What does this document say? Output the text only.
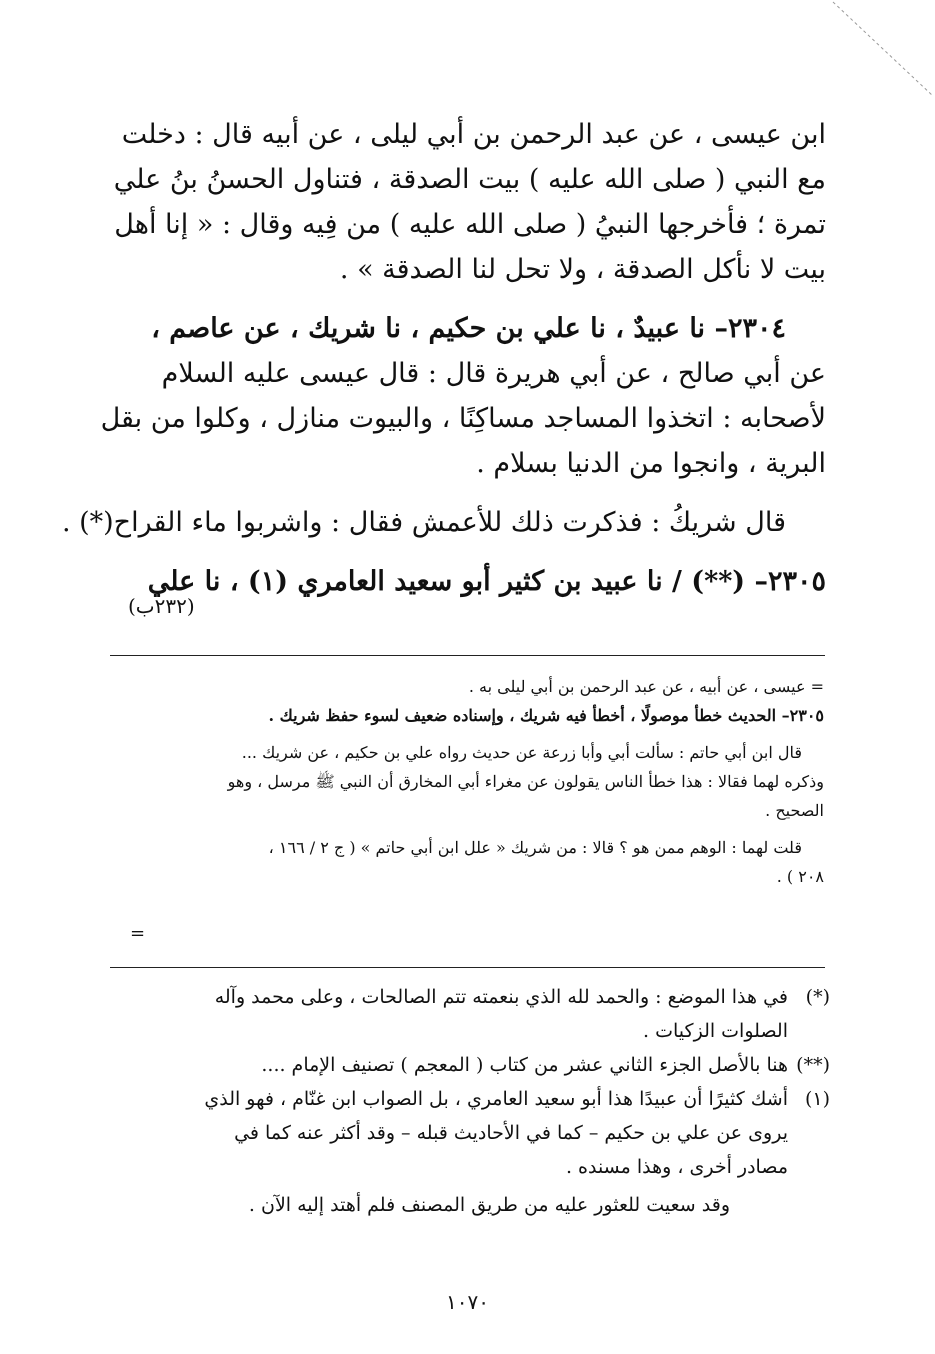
ابن عيسى ، عن عبد الرحمن بن أبي ليلى ، عن أبيه قال : دخلت
مع النبي ( صلى الله عليه ) بيت الصدقة ، فتناول الحسنُ بنُ علي
تمرة ؛ فأخرجها النبيُ ( صلى الله عليه ) من فِيه وقال : « إنا أهل
بيت لا نأكل الصدقة ، ولا تحل لنا الصدقة » .

٢٣٠٤– نا عبيدٌ ، نا علي بن حكيم ، نا شريك ، عن عاصم ،
عن أبي صالح ، عن أبي هريرة قال : قال عيسى عليه السلام
لأصحابه : اتخذوا المساجد مساكِنًا ، والبيوت منازل ، وكلوا من بقل
البرية ، وانجوا من الدنيا بسلام .

قال شريكُ : فذكرت ذلك للأعمش فقال : واشربوا ماء القراح(*) .

٢٣٠٥– (**) / نا عبيد بن كثير أبو سعيد العامري (١) ، نا علي

(٢٣٢ب)
= عيسى ، عن أبيه ، عن عبد الرحمن بن أبي ليلى به .
٢٣٠٥– الحديث خطأ موصولًا ، أخطأ فيه شريك ، وإسناده ضعيف لسوء حفظ شريك .
قال ابن أبي حاتم : سألت أبي وأبا زرعة عن حديث رواه علي بن حكيم ، عن شريك ...
وذكره لهما فقالا : هذا خطأ الناس يقولون عن مغراء أبي المخارق أن النبي ﷺ مرسل ، وهو
الصحيح .
قلت لهما : الوهم ممن هو ؟ قالا : من شريك « علل ابن أبي حاتم » ( ج ٢ / ١٦٦ ،
٢٠٨ ) .
=
(*)
في هذا الموضع : والحمد لله الذي بنعمته تتم الصالحات ، وعلى محمد وآله
الصلوات الزكيات .
(**)
هنا بالأصل الجزء الثاني عشر من كتاب ( المعجم ) تصنيف الإمام ....
(١)
أشك كثيرًا أن عبيدًا هذا أبو سعيد العامري ، بل الصواب ابن غنّام ، فهو الذي
يروى عن علي بن حكيم – كما في الأحاديث قبله – وقد أكثر عنه كما في
مصادر أخرى ، وهذا مسنده .
وقد سعيت للعثور عليه من طريق المصنف فلم أهتد إليه الآن .
١٠٧٠
